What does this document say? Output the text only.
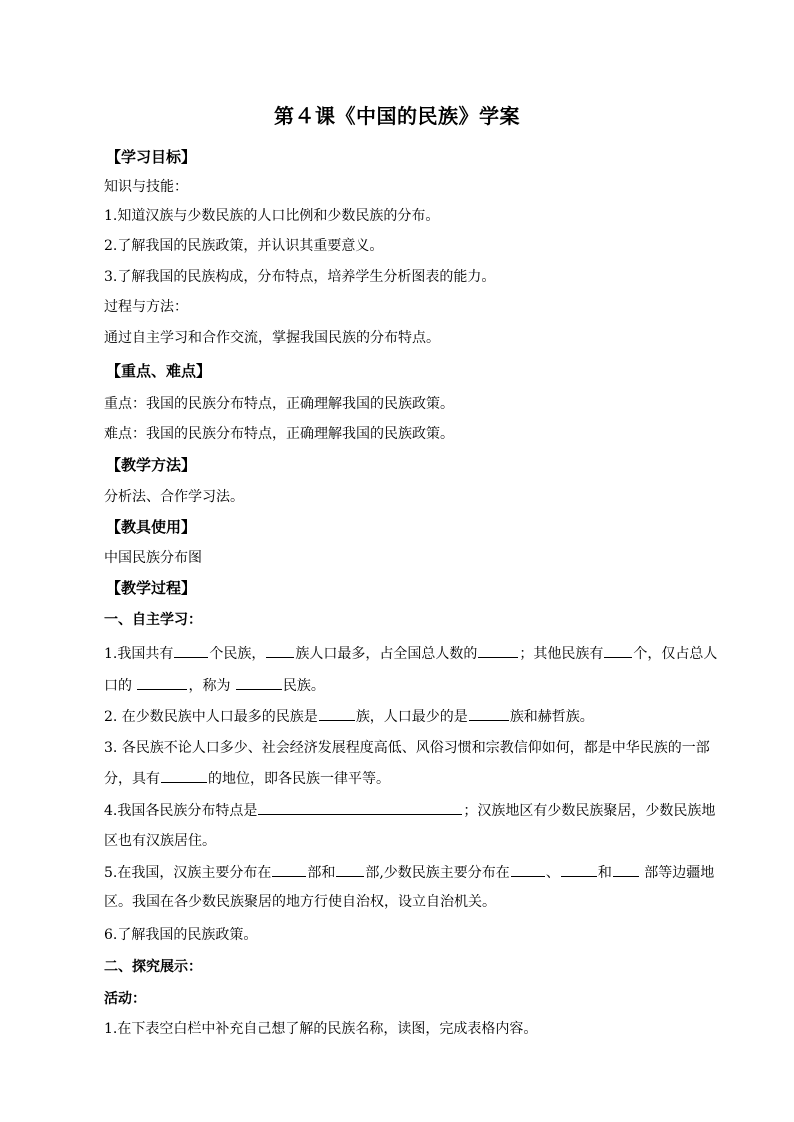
第４课《中国的民族》学案
【学习目标】
知识与技能：
1.知道汉族与少数民族的人口比例和少数民族的分布。
2.了解我国的民族政策，并认识其重要意义。
3.了解我国的民族构成，分布特点，培养学生分析图表的能力。
过程与方法：
通过自主学习和合作交流，掌握我国民族的分布特点。
【重点、难点】
重点：我国的民族分布特点，正确理解我国的民族政策。
难点：我国的民族分布特点，正确理解我国的民族政策。
【教学方法】
分析法、合作学习法。
【教具使用】
中国民族分布图
【教学过程】
一、自主学习：
1.我国共有	个民族， 族人口最多，占全国总人数的	；其他民族有 个，仅占总人
口的	，称为	民族。
2. 在少数民族中人口最多的民族是	族，人口最少的是	族和赫哲族。
3. 各民族不论人口多少、社会经济发展程度高低、风俗习惯和宗教信仰如何，都是中华民族的一部
分，具有	的地位，即各民族一律平等。
4.我国各民族分布特点是	；汉族地区有少数民族聚居，少数民族地
区也有汉族居住。
5.在我国，汉族主要分布在	部和 部,少数民族主要分布在	、	和 部等边疆地
区。我国在各少数民族聚居的地方行使自治权，设立自治机关。
6.了解我国的民族政策。
二、探究展示：
活动：
1.在下表空白栏中补充自己想了解的民族名称，读图，完成表格内容。
